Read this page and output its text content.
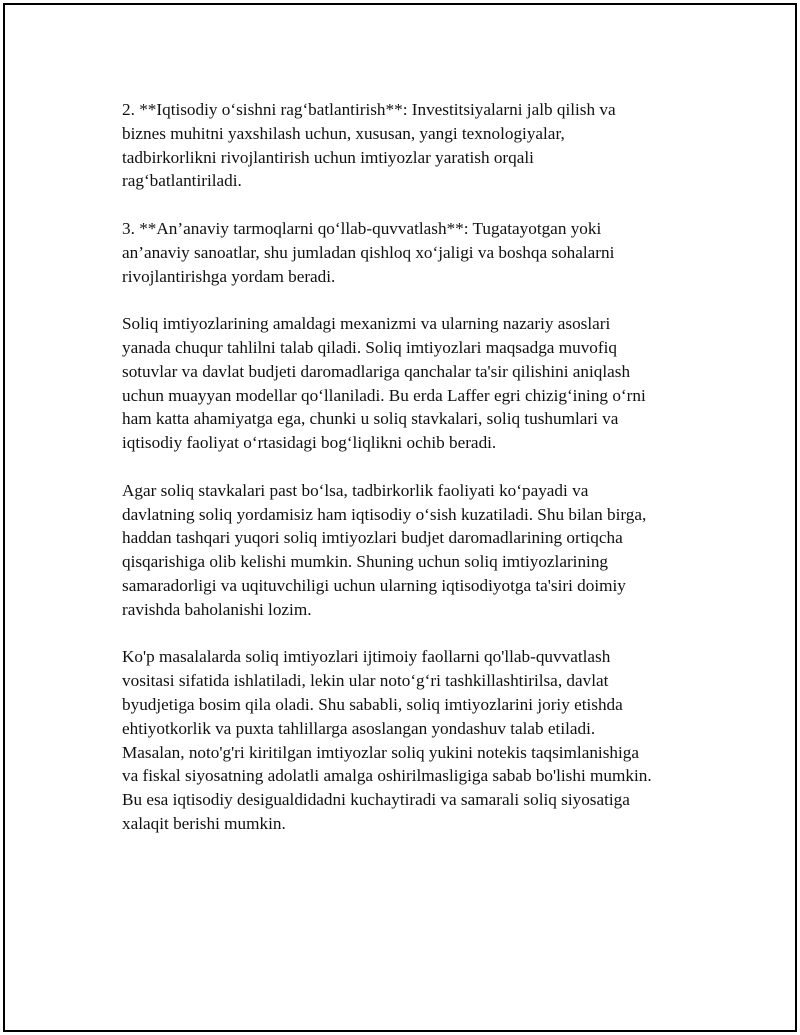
2. **Iqtisodiy o‘sishni rag‘batlantirish**: Investitsiyalarni jalb qilish va
biznes muhitni yaxshilash uchun, xususan, yangi texnologiyalar,
tadbirkorlikni rivojlantirish uchun imtiyozlar yaratish orqali
rag‘batlantiriladi.

3. **An’anaviy tarmoqlarni qo‘llab-quvvatlash**: Tugatayotgan yoki
an’anaviy sanoatlar, shu jumladan qishloq xo‘jaligi va boshqa sohalarni
rivojlantirishga yordam beradi.

Soliq imtiyozlarining amaldagi mexanizmi va ularning nazariy asoslari
yanada chuqur tahlilni talab qiladi. Soliq imtiyozlari maqsadga muvofiq
sotuvlar va davlat budjeti daromadlariga qanchalar ta'sir qilishini aniqlash
uchun muayyan modellar qo‘llaniladi. Bu erda Laffer egri chizig‘ining o‘rni
ham katta ahamiyatga ega, chunki u soliq stavkalari, soliq tushumlari va
iqtisodiy faoliyat o‘rtasidagi bog‘liqlikni ochib beradi.

Agar soliq stavkalari past bo‘lsa, tadbirkorlik faoliyati ko‘payadi va
davlatning soliq yordamisiz ham iqtisodiy o‘sish kuzatiladi. Shu bilan birga,
haddan tashqari yuqori soliq imtiyozlari budjet daromadlarining ortiqcha
qisqarishiga olib kelishi mumkin. Shuning uchun soliq imtiyozlarining
samaradorligi va uqituvchiligi uchun ularning iqtisodiyotga ta'siri doimiy
ravishda baholanishi lozim.

Ko'p masalalarda soliq imtiyozlari ijtimoiy faollarni qo'llab-quvvatlash
vositasi sifatida ishlatiladi, lekin ular noto‘g‘ri tashkillashtirilsa, davlat
byudjetiga bosim qila oladi. Shu sababli, soliq imtiyozlarini joriy etishda
ehtiyotkorlik va puxta tahlillarga asoslangan yondashuv talab etiladi.
Masalan, noto'g'ri kiritilgan imtiyozlar soliq yukini notekis taqsimlanishiga
va fiskal siyosatning adolatli amalga oshirilmasligiga sabab bo'lishi mumkin.
Bu esa iqtisodiy desigualdidadni kuchaytiradi va samarali soliq siyosatiga
xalaqit berishi mumkin.
